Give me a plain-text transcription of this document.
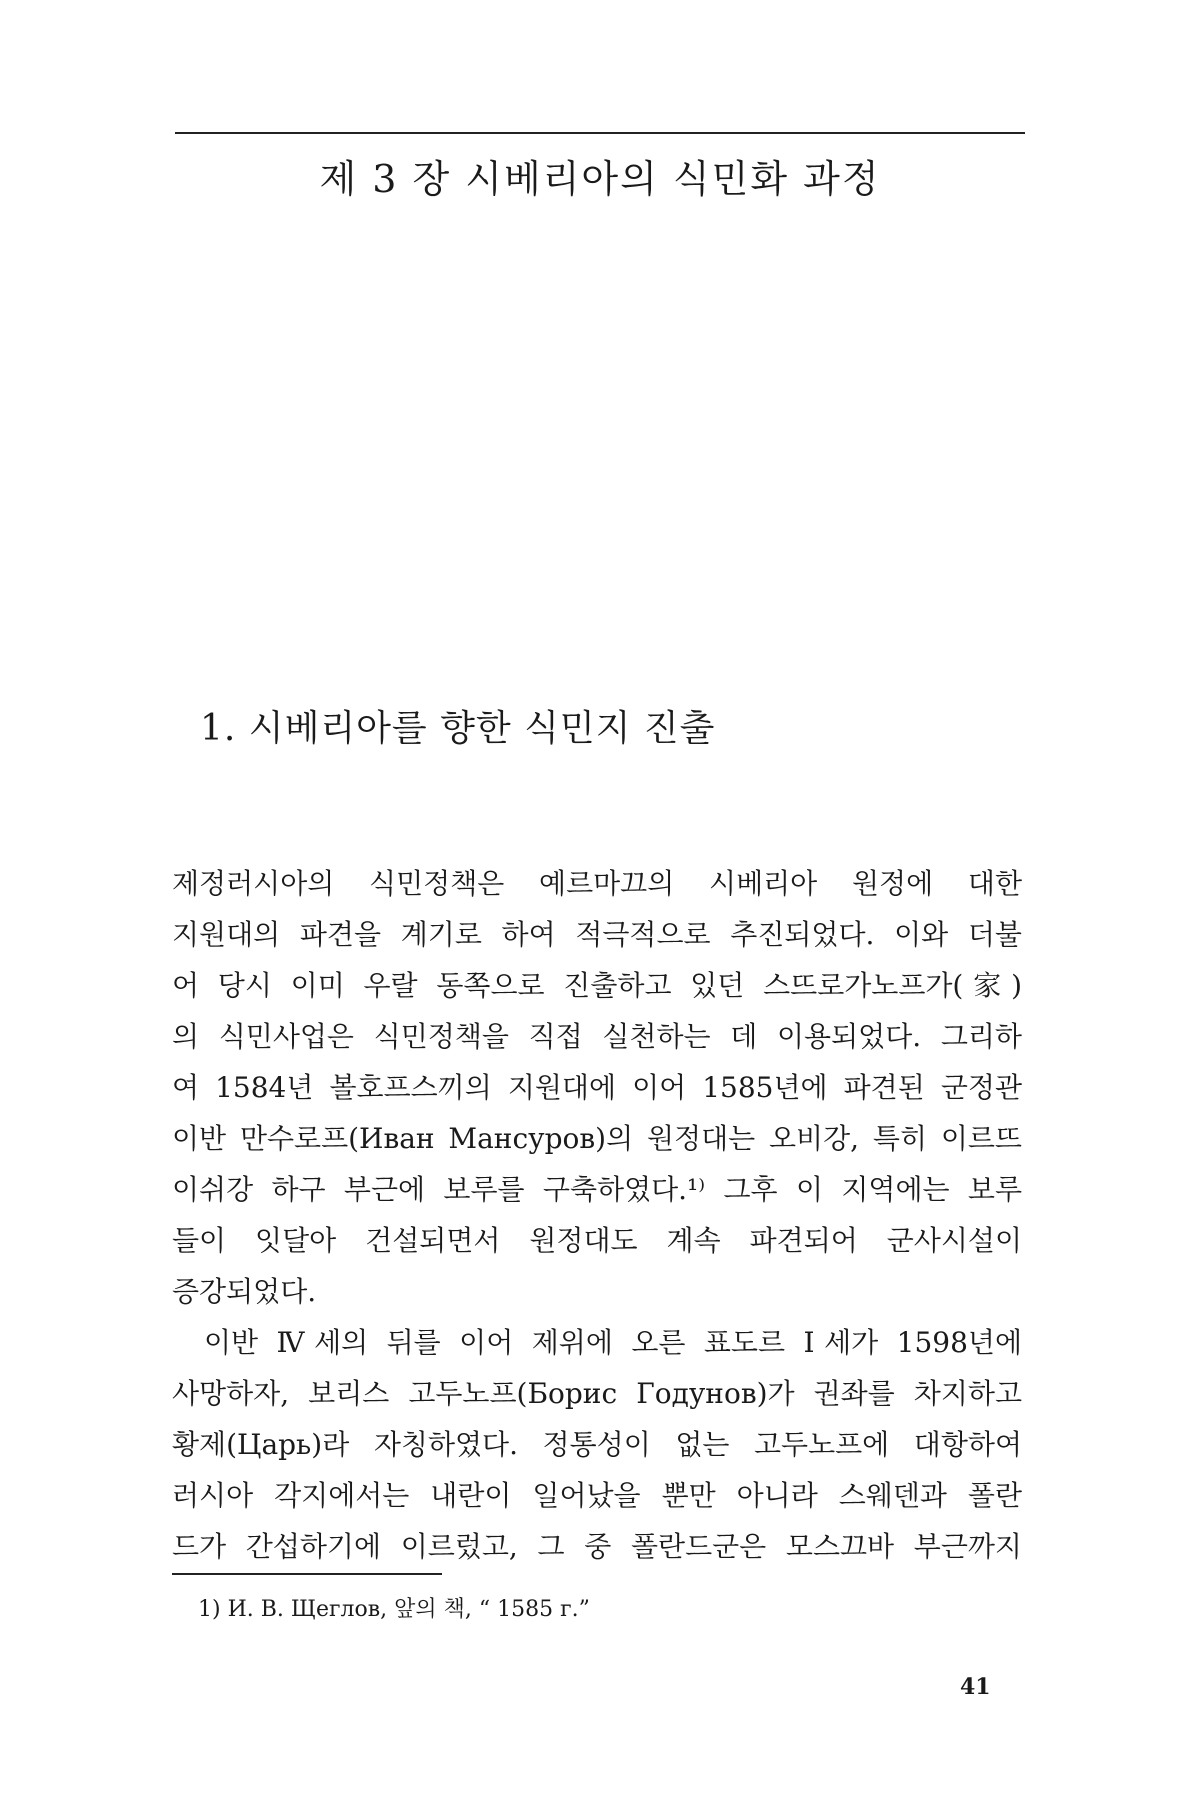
제 3 장 시베리아의 식민화 과정
1. 시베리아를 향한 식민지 진출
제정러시아의 식민정책은 예르마끄의 시베리아 원정에 대한
지원대의 파견을 계기로 하여 적극적으로 추진되었다. 이와 더불
어 당시 이미 우랄 동쪽으로 진출하고 있던 스뜨로가노프가(家)
의 식민사업은 식민정책을 직접 실천하는 데 이용되었다. 그리하
여 1584년 볼호프스끼의 지원대에 이어 1585년에 파견된 군정관
이반 만수로프(Иван Мансуров)의 원정대는 오비강, 특히 이르뜨
이쉬강 하구 부근에 보루를 구축하였다.¹⁾ 그후 이 지역에는 보루
들이 잇달아 건설되면서 원정대도 계속 파견되어 군사시설이
증강되었다.
이반 Ⅳ세의 뒤를 이어 제위에 오른 표도르 Ⅰ세가 1598년에
사망하자, 보리스 고두노프(Борис Годунов)가 권좌를 차지하고
황제(Царь)라 자칭하였다. 정통성이 없는 고두노프에 대항하여
러시아 각지에서는 내란이 일어났을 뿐만 아니라 스웨덴과 폴란
드가 간섭하기에 이르렀고, 그 중 폴란드군은 모스끄바 부근까지

1) И. В. Щеглов, 앞의 책, “ 1585 г.”

41
